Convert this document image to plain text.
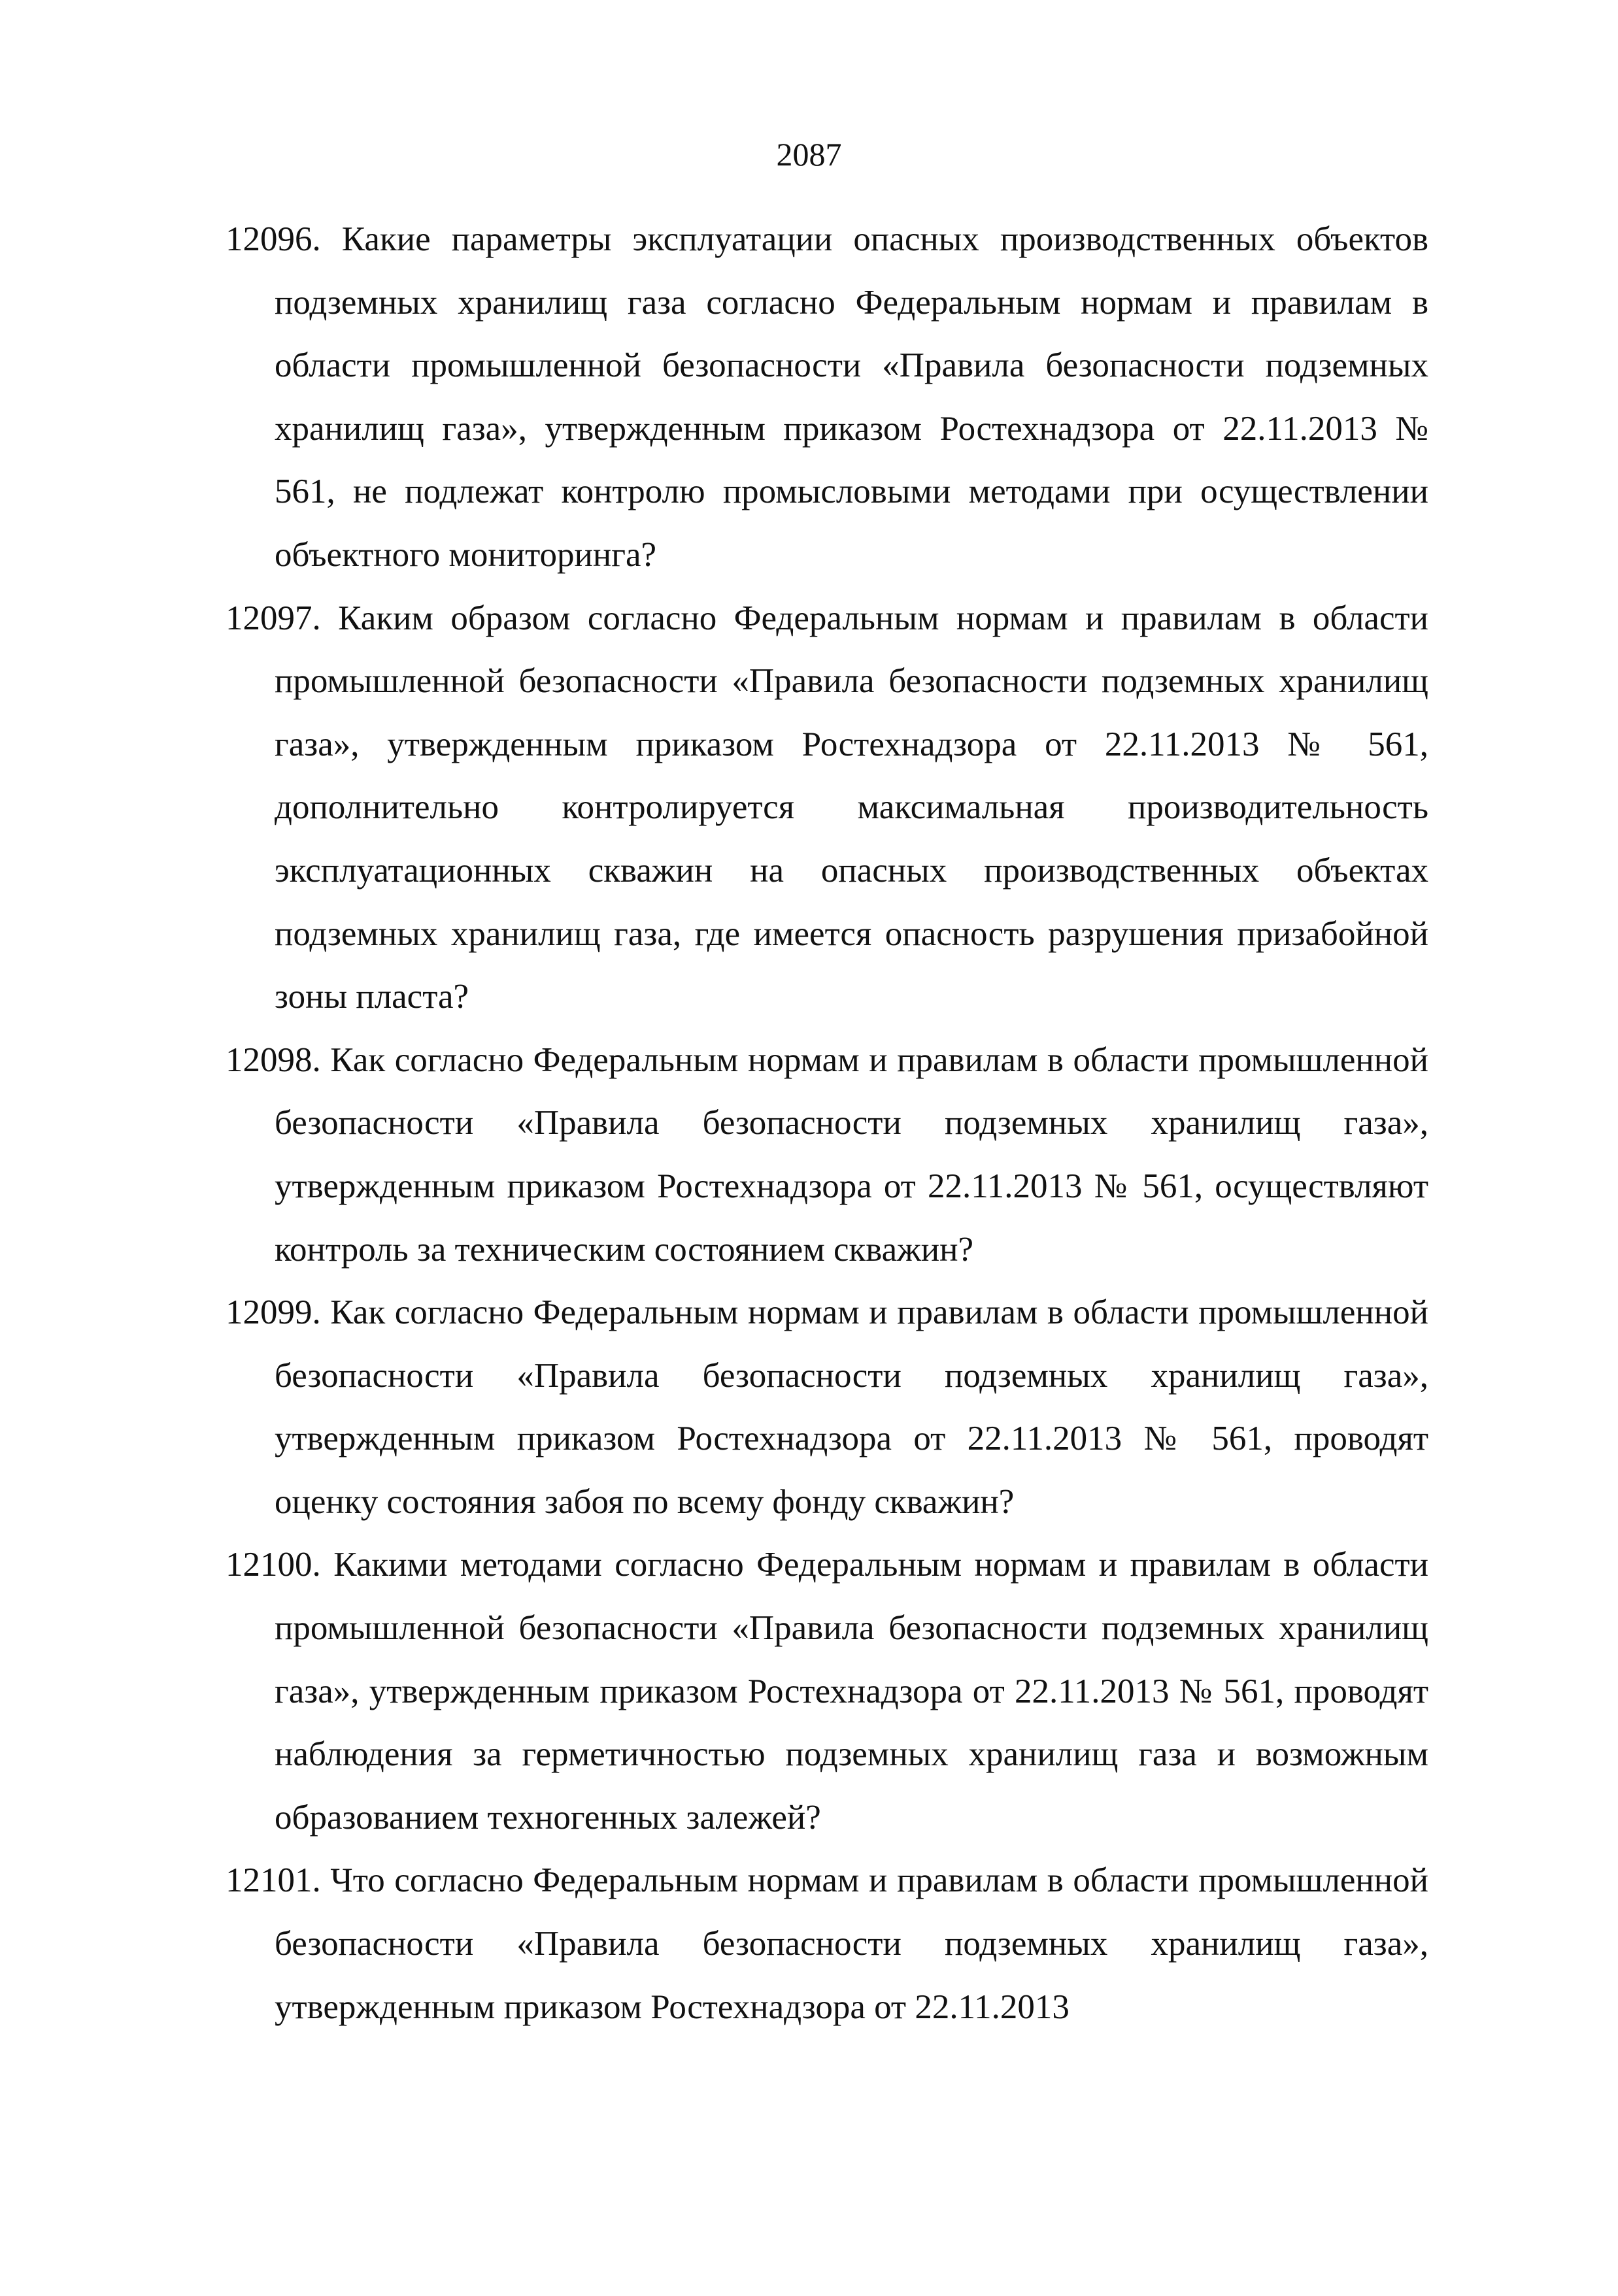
2087
12096. Какие параметры эксплуатации опасных производственных объектов подземных хранилищ газа согласно Федеральным нормам и правилам в области промышленной безопасности «Правила безопасности подземных хранилищ газа», утвержденным приказом Ростехнадзора от 22.11.2013 № 561, не подлежат контролю промысловыми методами при осуществлении объектного мониторинга?
12097. Каким образом согласно Федеральным нормам и правилам в области промышленной безопасности «Правила безопасности подземных хранилищ газа», утвержденным приказом Ростехнадзора от 22.11.2013 № 561, дополнительно контролируется максимальная производительность эксплуатационных скважин на опасных производственных объектах подземных хранилищ газа, где имеется опасность разрушения призабойной зоны пласта?
12098. Как согласно Федеральным нормам и правилам в области промышленной безопасности «Правила безопасности подземных хранилищ газа», утвержденным приказом Ростехнадзора от 22.11.2013 № 561, осуществляют контроль за техническим состоянием скважин?
12099. Как согласно Федеральным нормам и правилам в области промышленной безопасности «Правила безопасности подземных хранилищ газа», утвержденным приказом Ростехнадзора от 22.11.2013 № 561, проводят оценку состояния забоя по всему фонду скважин?
12100. Какими методами согласно Федеральным нормам и правилам в области промышленной безопасности «Правила безопасности подземных хранилищ газа», утвержденным приказом Ростехнадзора от 22.11.2013 № 561, проводят наблюдения за герметичностью подземных хранилищ газа и возможным образованием техногенных залежей?
12101. Что согласно Федеральным нормам и правилам в области промышленной безопасности «Правила безопасности подземных хранилищ газа», утвержденным приказом Ростехнадзора от 22.11.2013
